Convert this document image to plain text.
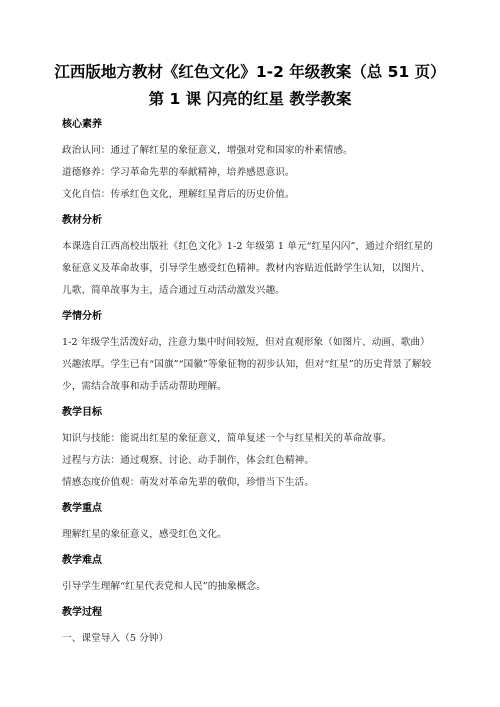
江西版地方教材《红色文化》1-2 年级教案（总 51 页）
第 1 课 闪亮的红星 教学教案

核心素养

政治认同：通过了解红星的象征意义，增强对党和国家的朴素情感。

道德修养：学习革命先辈的奉献精神，培养感恩意识。

文化自信：传承红色文化，理解红星背后的历史价值。

教材分析

本课选自江西高校出版社《红色文化》1-2 年级第 1 单元“红星闪闪”，通过介绍红星的象征意义及革命故事，引导学生感受红色精神。教材内容贴近低龄学生认知，以图片、儿歌、简单故事为主，适合通过互动活动激发兴趣。

学情分析

1-2 年级学生活泼好动，注意力集中时间较短，但对直观形象（如图片、动画、歌曲）兴趣浓厚。学生已有“国旗”“国徽”等象征物的初步认知，但对“红星”的历史背景了解较少，需结合故事和动手活动帮助理解。

教学目标

知识与技能：能说出红星的象征意义，简单复述一个与红星相关的革命故事。

过程与方法：通过观察、讨论、动手制作，体会红色精神。

情感态度价值观：萌发对革命先辈的敬仰，珍惜当下生活。

教学重点

理解红星的象征意义，感受红色文化。

教学难点

引导学生理解“红星代表党和人民”的抽象概念。

教学过程

一、课堂导入（5 分钟）
